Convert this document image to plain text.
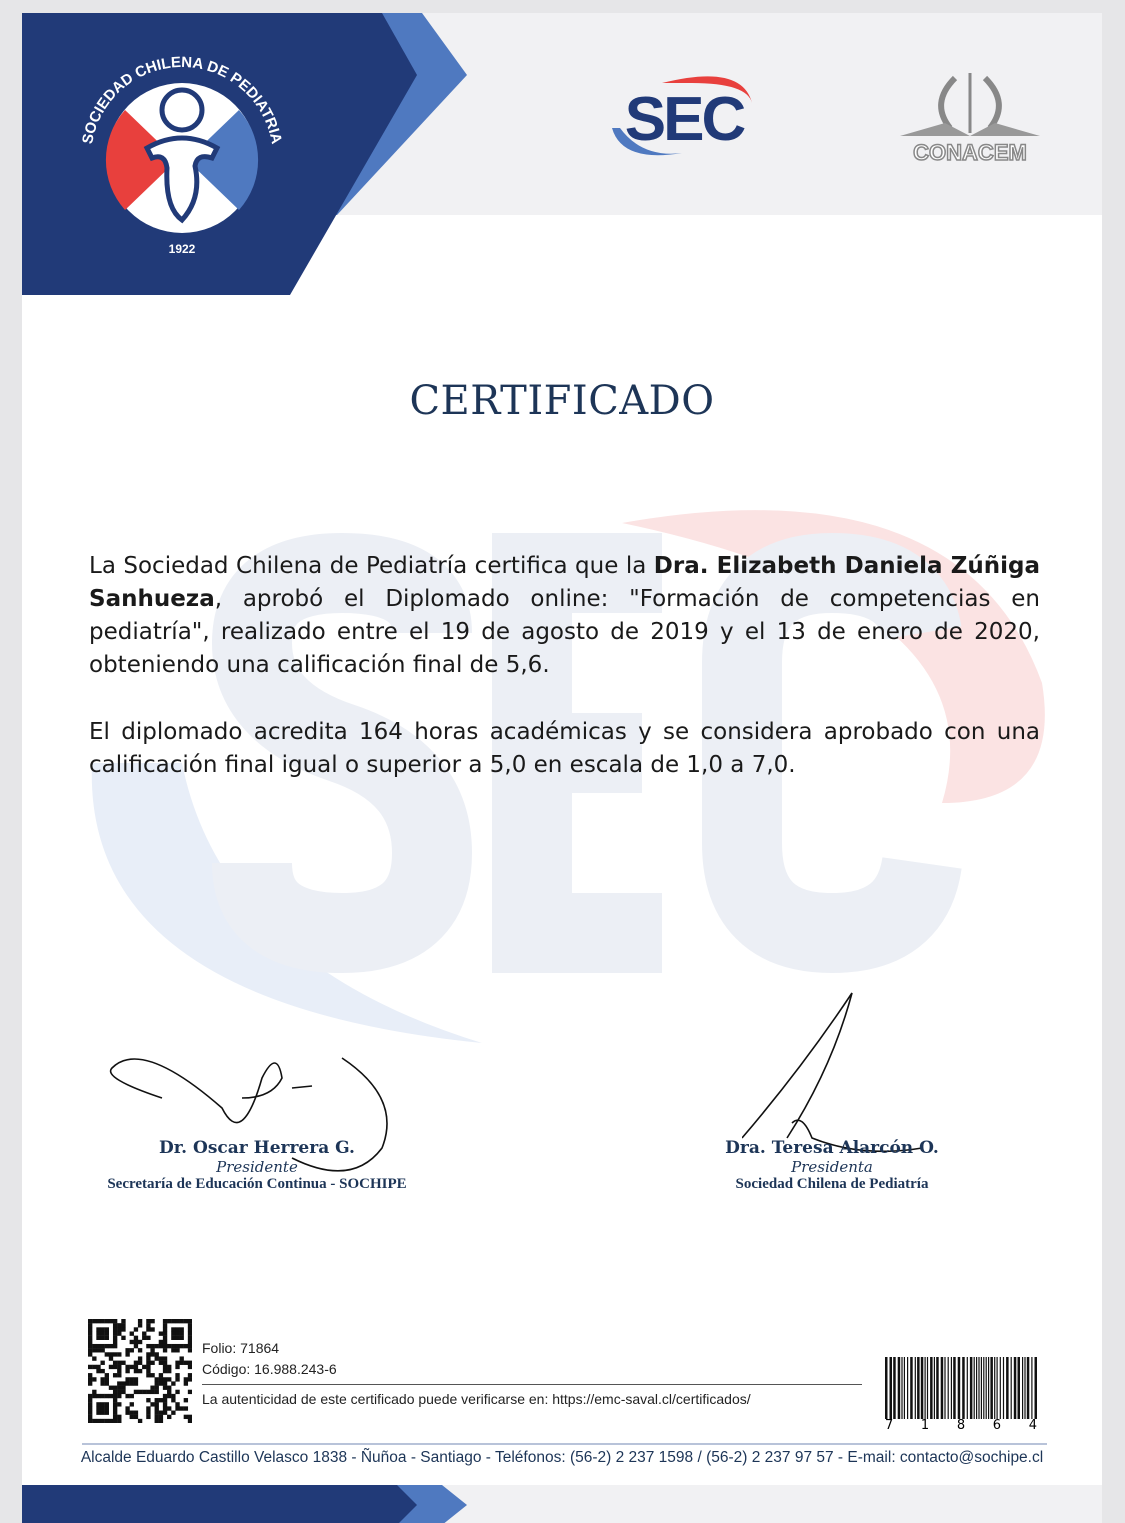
SOCIEDAD CHILENA DE PEDIATRIA
1922
SEC	CONACEM
CERTIFICADO

La Sociedad Chilena de Pediatría certifica que la Dra. Elizabeth Daniela Zúñiga Sanhueza, aprobó el Diplomado online: "Formación de competencias en pediatría", realizado entre el 19 de agosto de 2019 y el 13 de enero de 2020, obteniendo una calificación final de 5,6.

El diplomado acredita 164 horas académicas y se considera aprobado con una calificación final igual o superior a 5,0 en escala de 1,0 a 7,0.

Dr. Oscar Herrera G.
Presidente
Secretaría de Educación Continua - SOCHIPE
Dra. Teresa Alarcón O.
Presidenta
Sociedad Chilena de Pediatría
Folio: 71864
Código: 16.988.243-6
La autenticidad de este certificado puede verificarse en: https://emc-saval.cl/certificados/
7 1 8 6 4
Alcalde Eduardo Castillo Velasco 1838 - Ñuñoa - Santiago - Teléfonos: (56-2) 2 237 1598 / (56-2) 2 237 97 57 - E-mail: contacto@sochipe.cl
